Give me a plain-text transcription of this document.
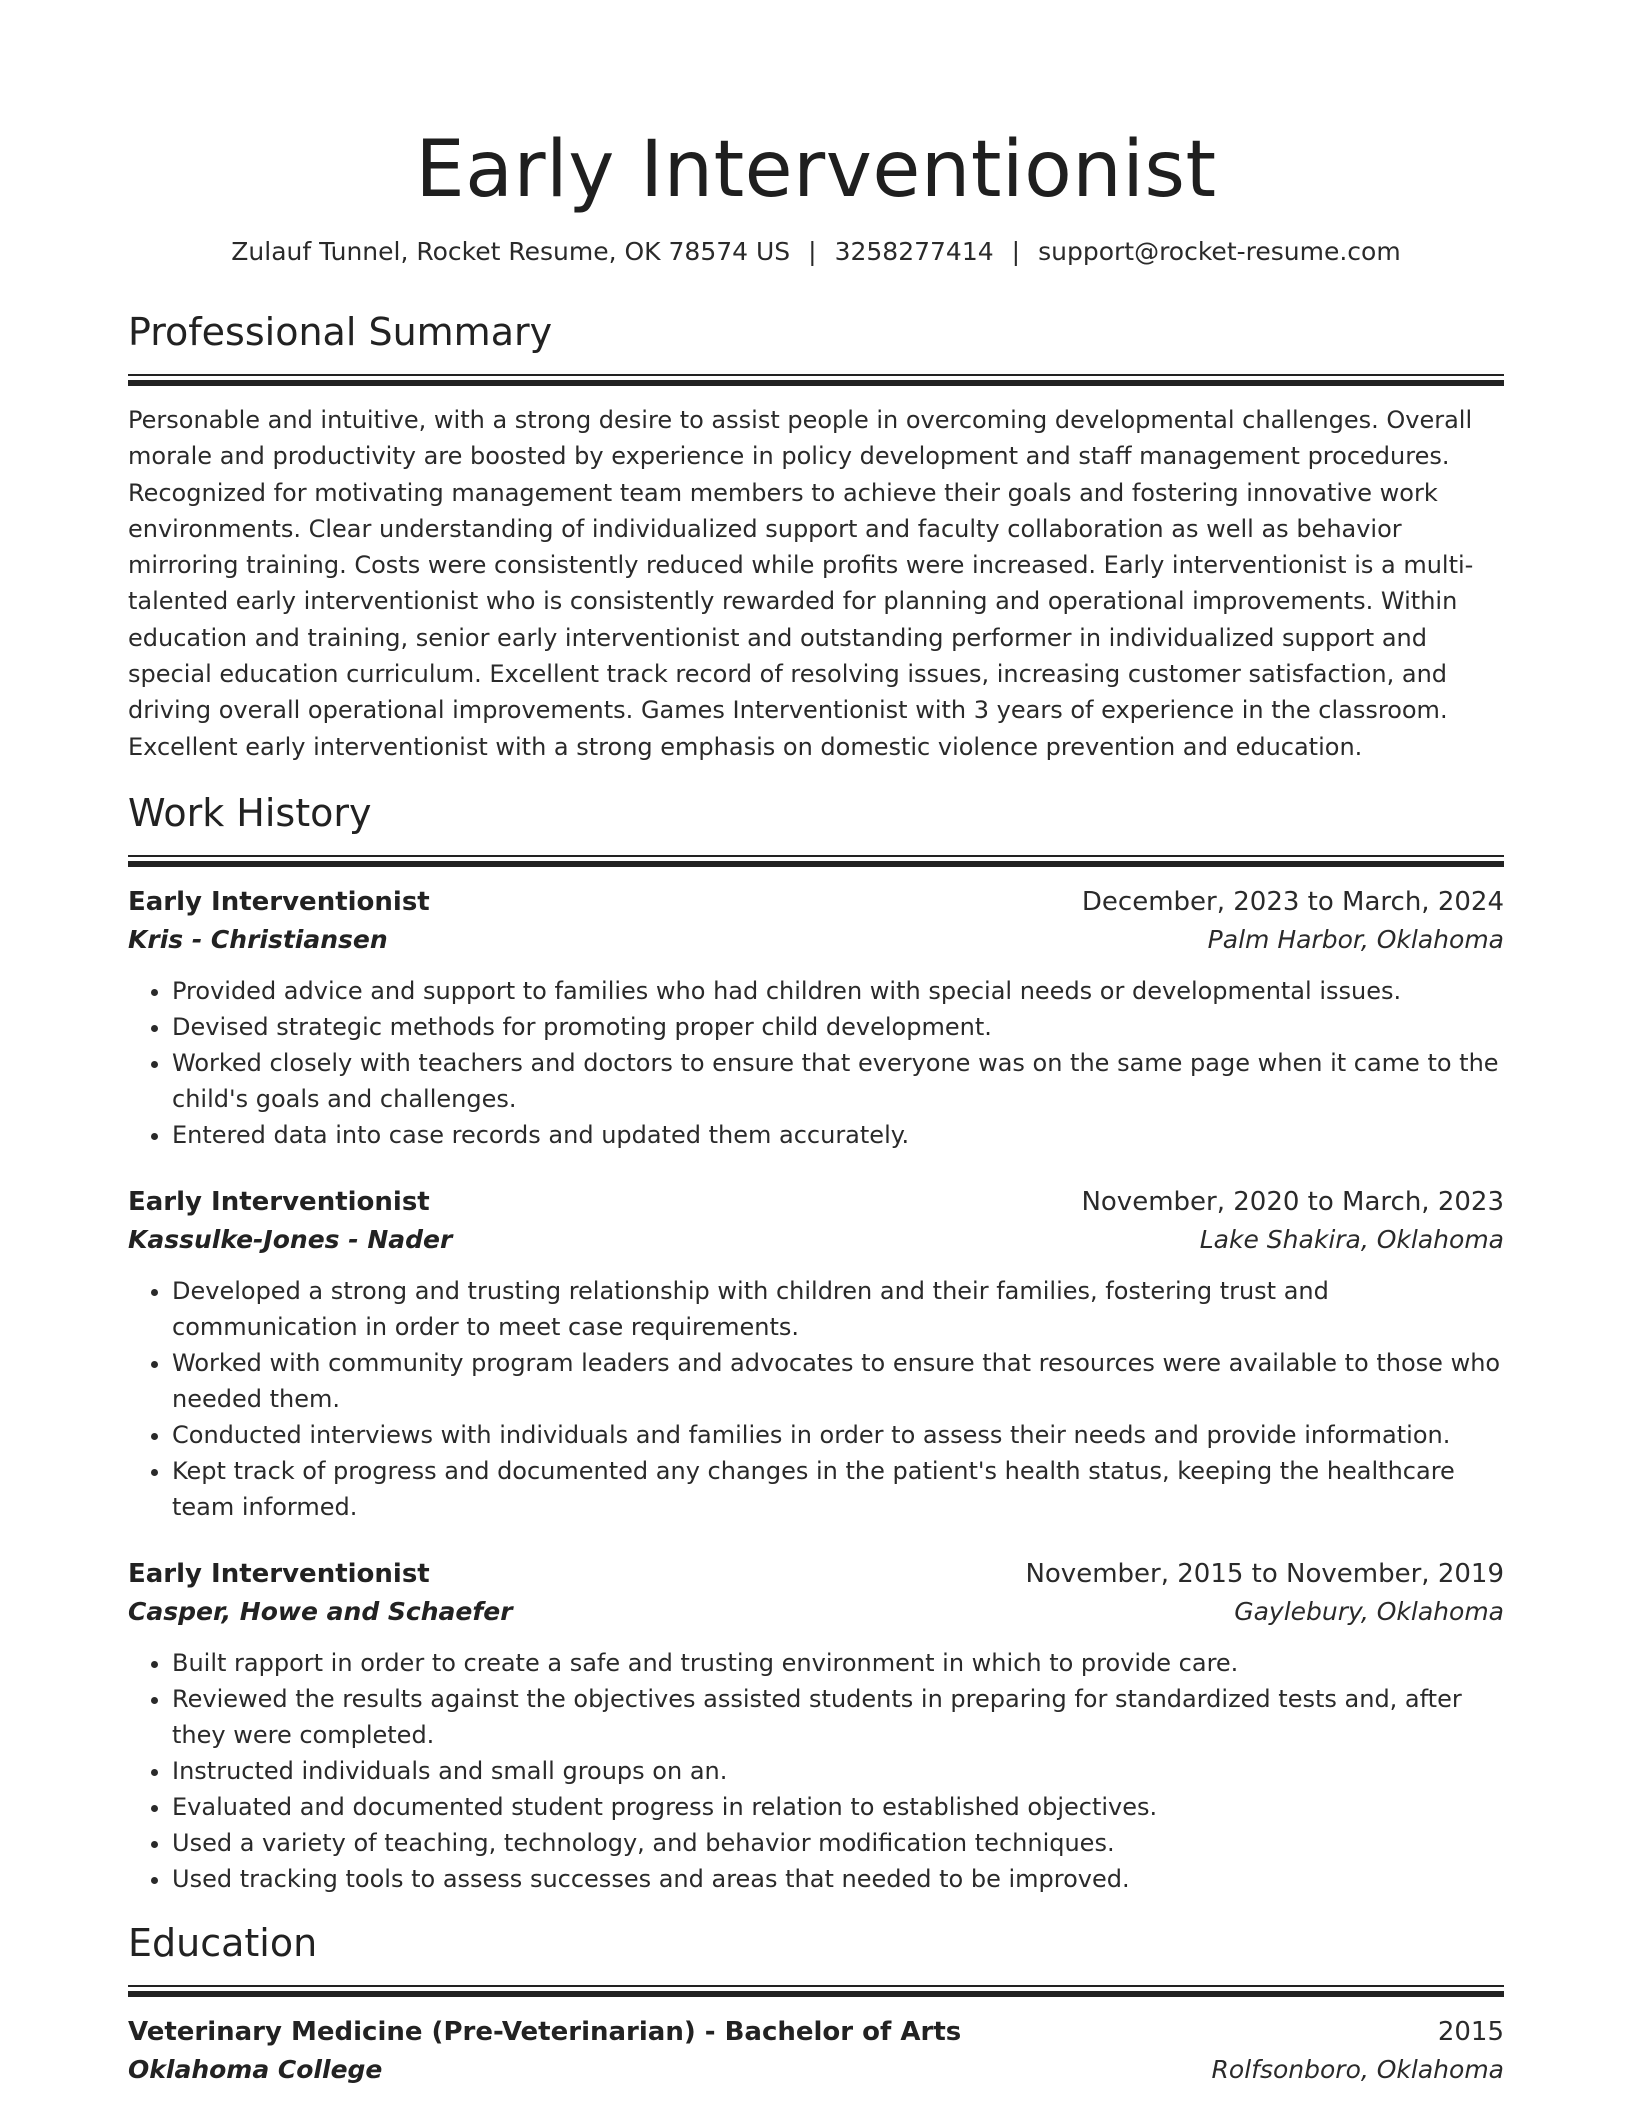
Early Interventionist
Zulauf Tunnel, Rocket Resume, OK 78574 US | 3258277414 | support@rocket-resume.com
Professional Summary
Personable and intuitive, with a strong desire to assist people in overcoming developmental challenges. Overall morale and productivity are boosted by experience in policy development and staff management procedures. Recognized for motivating management team members to achieve their goals and fostering innovative work environments. Clear understanding of individualized support and faculty collaboration as well as behavior mirroring training. Costs were consistently reduced while profits were increased. Early interventionist is a multi-talented early interventionist who is consistently rewarded for planning and operational improvements. Within education and training, senior early interventionist and outstanding performer in individualized support and special education curriculum. Excellent track record of resolving issues, increasing customer satisfaction, and driving overall operational improvements. Games Interventionist with 3 years of experience in the classroom. Excellent early interventionist with a strong emphasis on domestic violence prevention and education.
Work History
Early Interventionist	December, 2023 to March, 2024
Kris - Christiansen	Palm Harbor, Oklahoma
• Provided advice and support to families who had children with special needs or developmental issues.
• Devised strategic methods for promoting proper child development.
• Worked closely with teachers and doctors to ensure that everyone was on the same page when it came to the child's goals and challenges.
• Entered data into case records and updated them accurately.
Early Interventionist	November, 2020 to March, 2023
Kassulke-Jones - Nader	Lake Shakira, Oklahoma
• Developed a strong and trusting relationship with children and their families, fostering trust and communication in order to meet case requirements.
• Worked with community program leaders and advocates to ensure that resources were available to those who needed them.
• Conducted interviews with individuals and families in order to assess their needs and provide information.
• Kept track of progress and documented any changes in the patient's health status, keeping the healthcare team informed.
Early Interventionist	November, 2015 to November, 2019
Casper, Howe and Schaefer	Gaylebury, Oklahoma
• Built rapport in order to create a safe and trusting environment in which to provide care.
• Reviewed the results against the objectives assisted students in preparing for standardized tests and, after they were completed.
• Instructed individuals and small groups on an.
• Evaluated and documented student progress in relation to established objectives.
• Used a variety of teaching, technology, and behavior modification techniques.
• Used tracking tools to assess successes and areas that needed to be improved.
Education
Veterinary Medicine (Pre-Veterinarian) - Bachelor of Arts	2015
Oklahoma College	Rolfsonboro, Oklahoma
